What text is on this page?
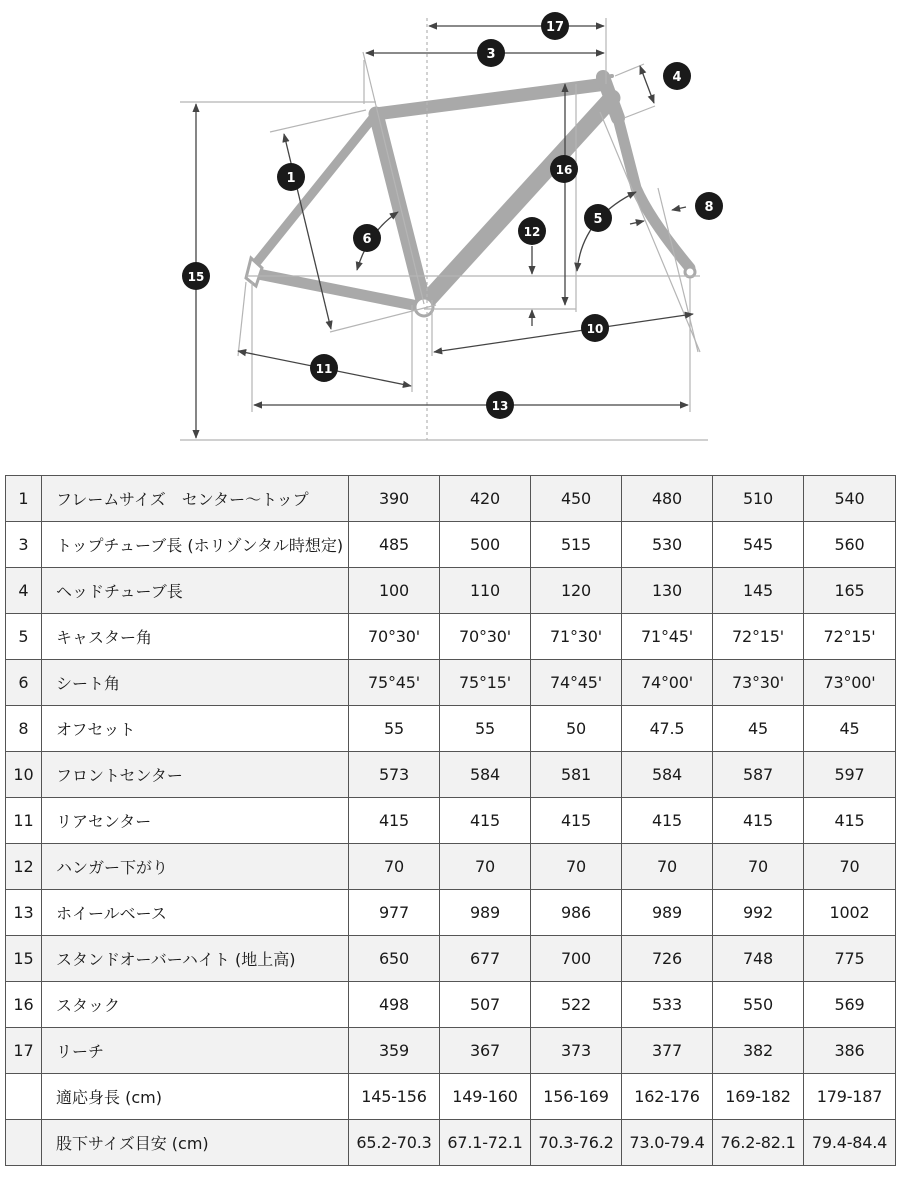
17
3
4
1
16
8
5
6	12
15
10
11
13
1	フレームサイズ　センター～トップ	390	420	450	480	510	540
3	トップチューブ長 (ホリゾンタル時想定)	485	500	515	530	545	560
4	ヘッドチューブ長	100	110	120	130	145	165
5	キャスター角	70°30'	70°30'	71°30'	71°45'	72°15'	72°15'
6	シート角	75°45'	75°15'	74°45'	74°00'	73°30'	73°00'
8	オフセット	55	55	50	47.5	45	45
10	フロントセンター	573	584	581	584	587	597
11	リアセンター	415	415	415	415	415	415
12	ハンガー下がり	70	70	70	70	70	70
13	ホイールベース	977	989	986	989	992	1002
15	スタンドオーバーハイト (地上高)	650	677	700	726	748	775
16	スタック	498	507	522	533	550	569
17	リーチ	359	367	373	377	382	386
	適応身長 (cm)	145-156	149-160	156-169	162-176	169-182	179-187
	股下サイズ目安 (cm)	65.2-70.3	67.1-72.1	70.3-76.2	73.0-79.4	76.2-82.1	79.4-84.4
